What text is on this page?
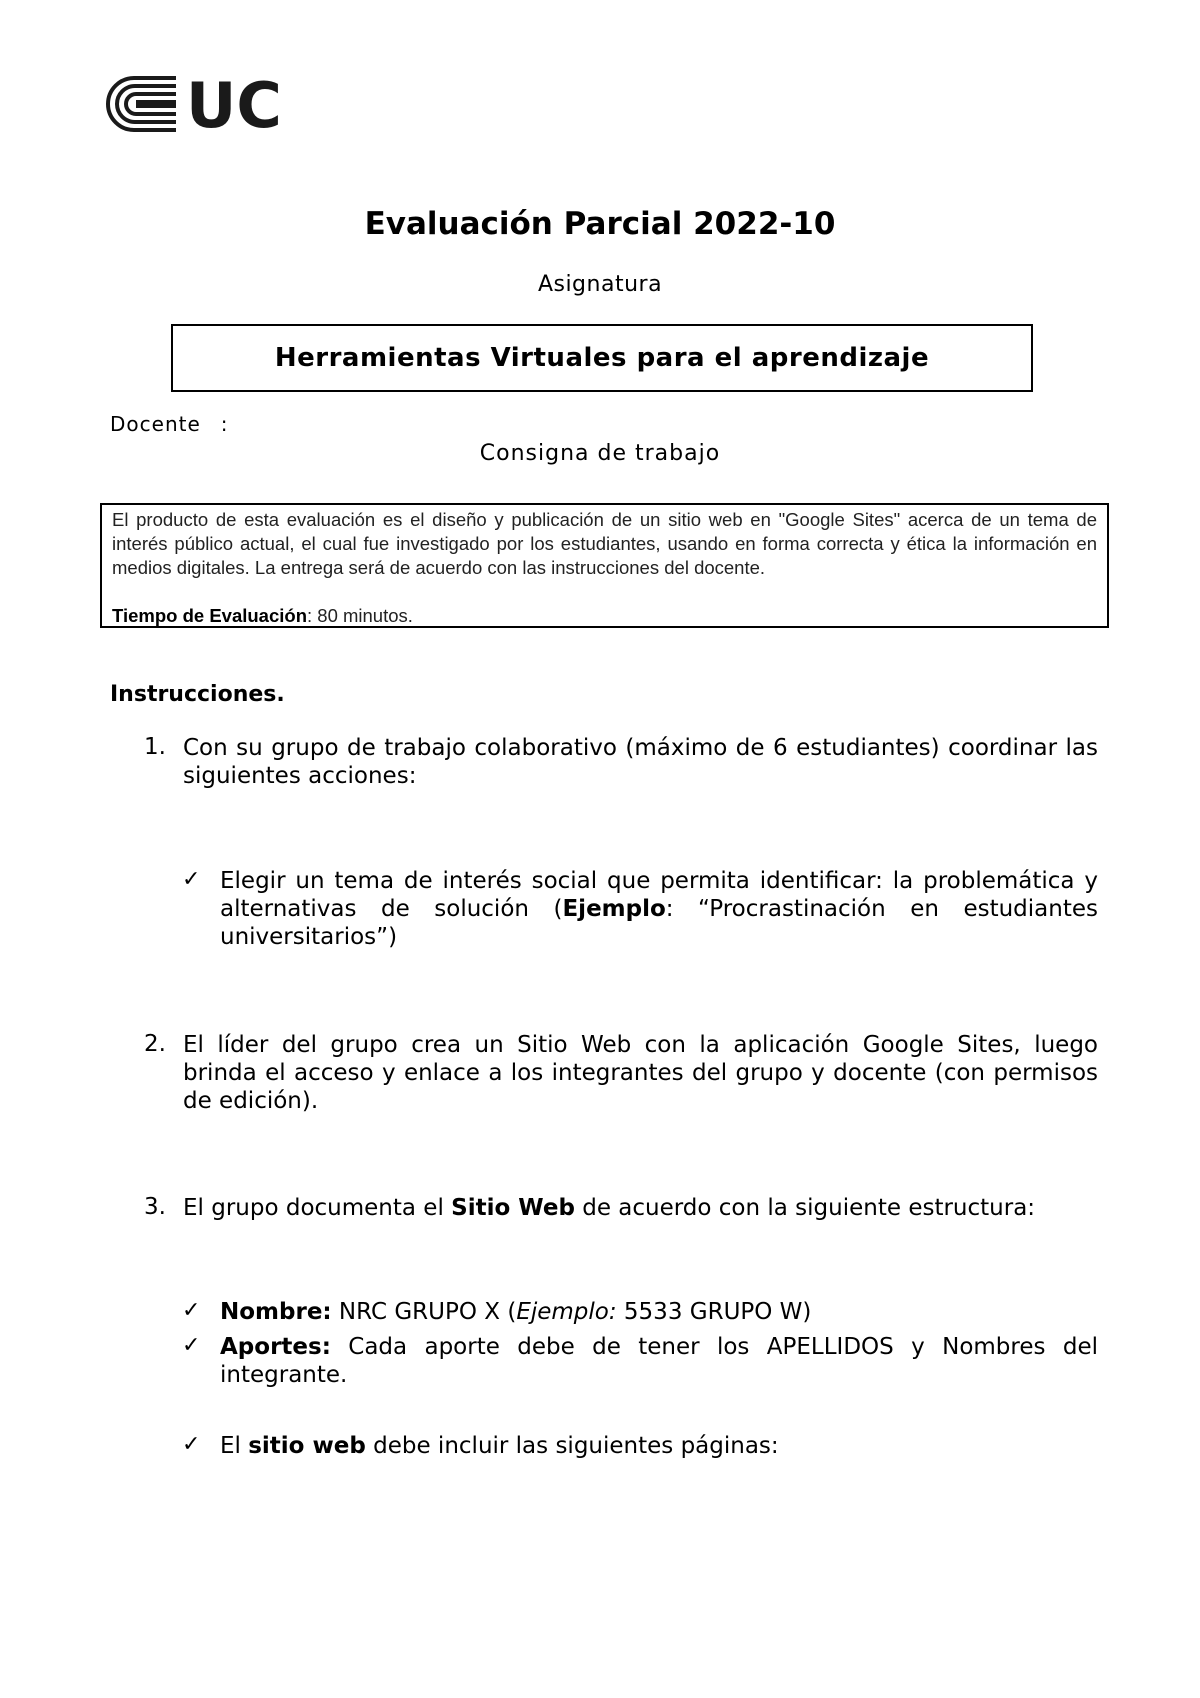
UC
Evaluación Parcial 2022-10
Asignatura
Herramientas Virtuales para el aprendizaje
Docente :
Consigna de trabajo

El producto de esta evaluación es el diseño y publicación de un sitio web en "Google Sites" acerca de un tema de interés público actual, el cual fue investigado por los estudiantes, usando en forma correcta y ética la información en medios digitales. La entrega será de acuerdo con las instrucciones del docente.

Tiempo de Evaluación: 80 minutos.

Instrucciones.
1. Con su grupo de trabajo colaborativo (máximo de 6 estudiantes) coordinar las siguientes acciones:
✓ Elegir un tema de interés social que permita identificar: la problemática y alternativas de solución (Ejemplo: “Procrastinación en estudiantes universitarios”)
2. El líder del grupo crea un Sitio Web con la aplicación Google Sites, luego brinda el acceso y enlace a los integrantes del grupo y docente (con permisos de edición).
3. El grupo documenta el Sitio Web de acuerdo con la siguiente estructura:
✓ Nombre: NRC GRUPO X (Ejemplo: 5533 GRUPO W)
✓ Aportes: Cada aporte debe de tener los APELLIDOS y Nombres del integrante.
✓ El sitio web debe incluir las siguientes páginas:
